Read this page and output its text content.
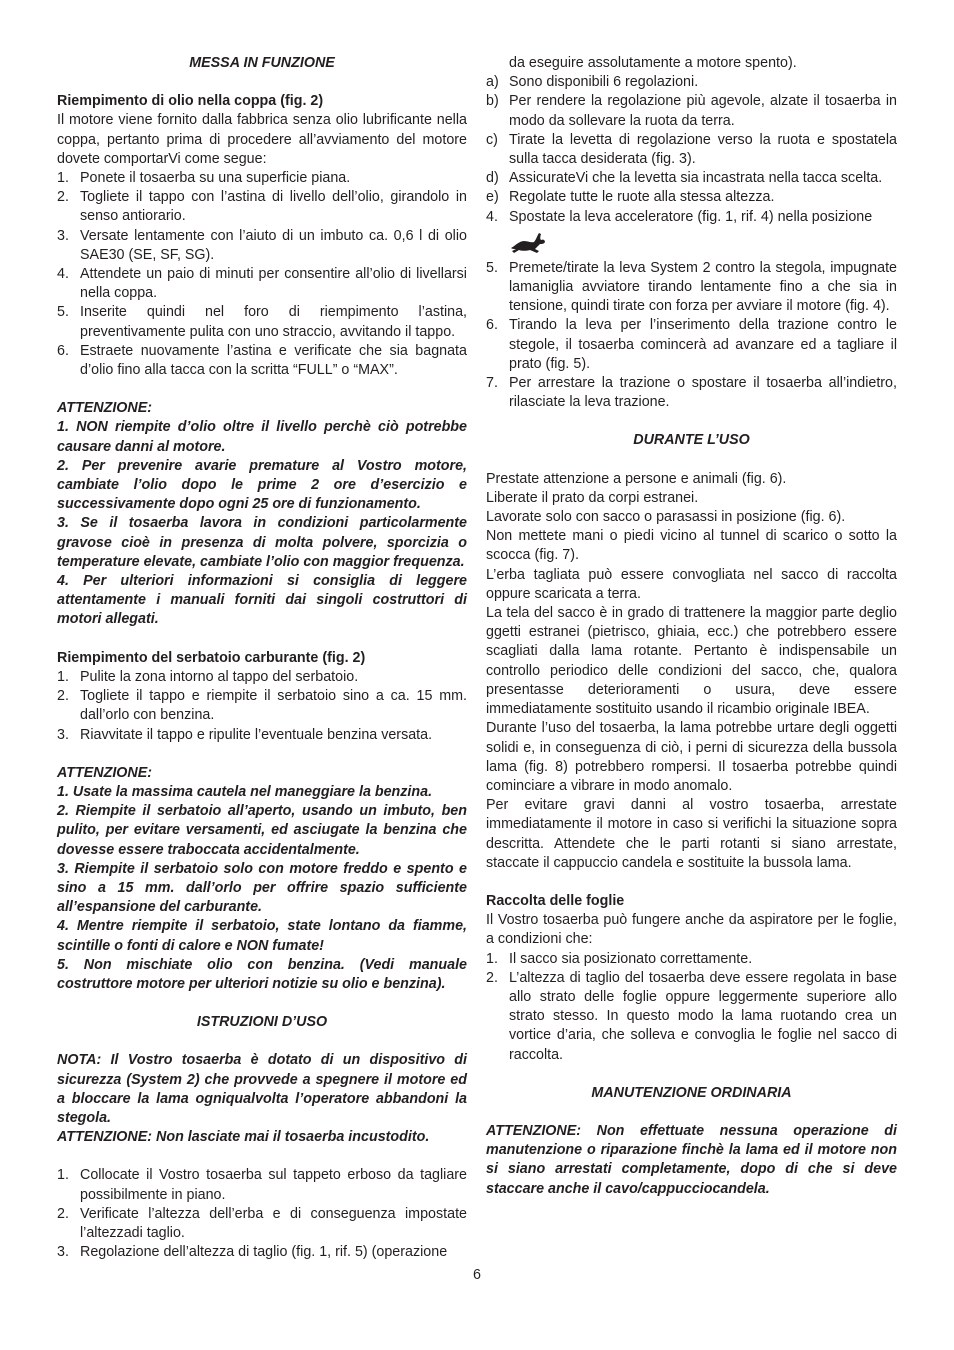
MESSA IN FUNZIONE

Riempimento di olio nella coppa (fig. 2)

Il motore viene fornito dalla fabbrica senza olio lubrificante nella coppa, pertanto prima di procedere all’avviamento del motore dovete comportarVi come segue:

1. Ponete il tosaerba su una superficie piana.
2. Togliete il tappo con l’astina di livello dell’olio, girandolo in senso antiorario.
3. Versate lentamente con l’aiuto di un imbuto ca. 0,6 l di olio SAE30 (SE, SF, SG).
4. Attendete un paio di minuti per consentire all’olio di livellarsi nella coppa.
5. Inserite quindi nel foro di riempimento l’astina, preventivamente pulita con uno straccio, avvitando il tappo.
6. Estraete nuovamente l’astina e verificate che sia bagnata d’olio fino alla tacca con la scritta “FULL” o “MAX”.

ATTENZIONE:

1. NON riempite d’olio oltre il livello perchè ciò potrebbe causare danni al motore.

2. Per prevenire avarie premature al Vostro motore, cambiate l’olio dopo le prime 2 ore d’esercizio e successivamente dopo ogni 25 ore di funzionamento.

3. Se il tosaerba lavora in condizioni particolarmente gravose cioè in presenza di molta polvere, sporcizia o temperature elevate, cambiate l’olio con maggior frequenza.

4. Per ulteriori informazioni si consiglia di leggere attentamente i manuali forniti dai singoli costruttori di motori allegati.

Riempimento del serbatoio carburante (fig. 2)

1. Pulite la zona intorno al tappo del serbatoio.
2. Togliete il tappo e riempite il serbatoio sino a ca. 15 mm. dall’orlo con benzina.
3. Riavvitate il tappo e ripulite l’eventuale benzina versata.

ATTENZIONE:

1. Usate la massima cautela nel maneggiare la benzina.

2. Riempite il serbatoio all’aperto, usando un imbuto, ben pulito, per evitare versamenti, ed asciugate la benzina che dovesse essere traboccata accidentalmente.

3. Riempite il serbatoio solo con motore freddo e spento e sino a 15 mm. dall’orlo per offrire spazio sufficiente all’espansione del carburante.

4. Mentre riempite il serbatoio, state lontano da fiamme, scintille o fonti di calore e NON fumate!

5. Non mischiate olio con benzina. (Vedi manuale costruttore motore per ulteriori notizie su olio e benzina).

ISTRUZIONI D’USO

NOTA: Il Vostro tosaerba è dotato di un dispositivo di sicurezza (System 2) che provvede a spegnere il motore ed a bloccare la lama ogniqualvolta l’operatore abbandoni la stegola.

ATTENZIONE: Non lasciate mai il tosaerba incustodito.

1. Collocate il Vostro tosaerba sul tappeto erboso da tagliare possibilmente in piano.
2. Verificate l’altezza dell’erba e di conseguenza impostate l’altezzadi taglio.
3. Regolazione dell’altezza di taglio (fig. 1, rif. 5) (operazione

da eseguire assolutamente a motore spento).

a) Sono disponibili 6 regolazioni.
b) Per rendere la regolazione più agevole, alzate il tosaerba in modo da sollevare la ruota da terra.
c) Tirate la levetta di regolazione verso la ruota e spostatela sulla tacca desiderata (fig. 3).
d) AssicurateVi che la levetta sia incastrata nella tacca scelta.
e) Regolate tutte le ruote alla stessa altezza.
4. Spostate la leva acceleratore (fig. 1, rif. 4) nella posizione
5. Premete/tirate la leva System 2 contro la stegola, impugnate lamaniglia avviatore tirando lentamente fino a che sia in tensione, quindi tirate con forza per avviare il motore (fig. 4).
6. Tirando la leva per l’inserimento della trazione contro le stegole, il tosaerba comincerà ad avanzare ed a tagliare il prato (fig. 5).
7. Per arrestare la trazione o spostare il tosaerba all’indietro, rilasciate la leva trazione.

DURANTE L’USO

Prestate attenzione a persone e animali (fig. 6).

Liberate il prato da corpi estranei.

Lavorate solo con sacco o parasassi in posizione (fig. 6).

Non mettete mani o piedi vicino al tunnel di scarico o sotto la scocca (fig. 7).

L’erba tagliata può essere convogliata nel sacco di raccolta oppure scaricata a terra.

La tela del sacco è in grado di trattenere la maggior parte deglio ggetti estranei (pietrisco, ghiaia, ecc.) che potrebbero essere scagliati dalla lama rotante. Pertanto è indispensabile un controllo periodico delle condizioni del sacco, che, qualora presentasse deterioramenti o usura, deve essere immediatamente sostituito usando il ricambio originale IBEA.

Durante l’uso del tosaerba, la lama potrebbe urtare degli oggetti solidi e, in conseguenza di ciò, i perni di sicurezza della bussola lama (fig. 8) potrebbero rompersi. Il tosaerba potrebbe quindi cominciare a vibrare in modo anomalo.

Per evitare gravi danni al vostro tosaerba, arrestate immediatamente il motore in caso si verifichi la situazione sopra descritta. Attendete che le parti rotanti si siano arrestate, staccate il cappuccio candela e sostituite la bussola lama.

Raccolta delle foglie

Il Vostro tosaerba può fungere anche da aspiratore per le foglie, a condizioni che:

1. Il sacco sia posizionato correttamente.
2. L’altezza di taglio del tosaerba deve essere regolata in base allo strato delle foglie oppure leggermente superiore allo strato stesso. In questo modo la lama ruotando crea un vortice d’aria, che solleva e convoglia le foglie nel sacco di raccolta.

MANUTENZIONE ORDINARIA

ATTENZIONE: Non effettuate nessuna operazione di manutenzione o riparazione finchè la lama ed il motore non si siano arrestati completamente, dopo di che si deve staccare anche il cavo/cappucciocandela.

6
